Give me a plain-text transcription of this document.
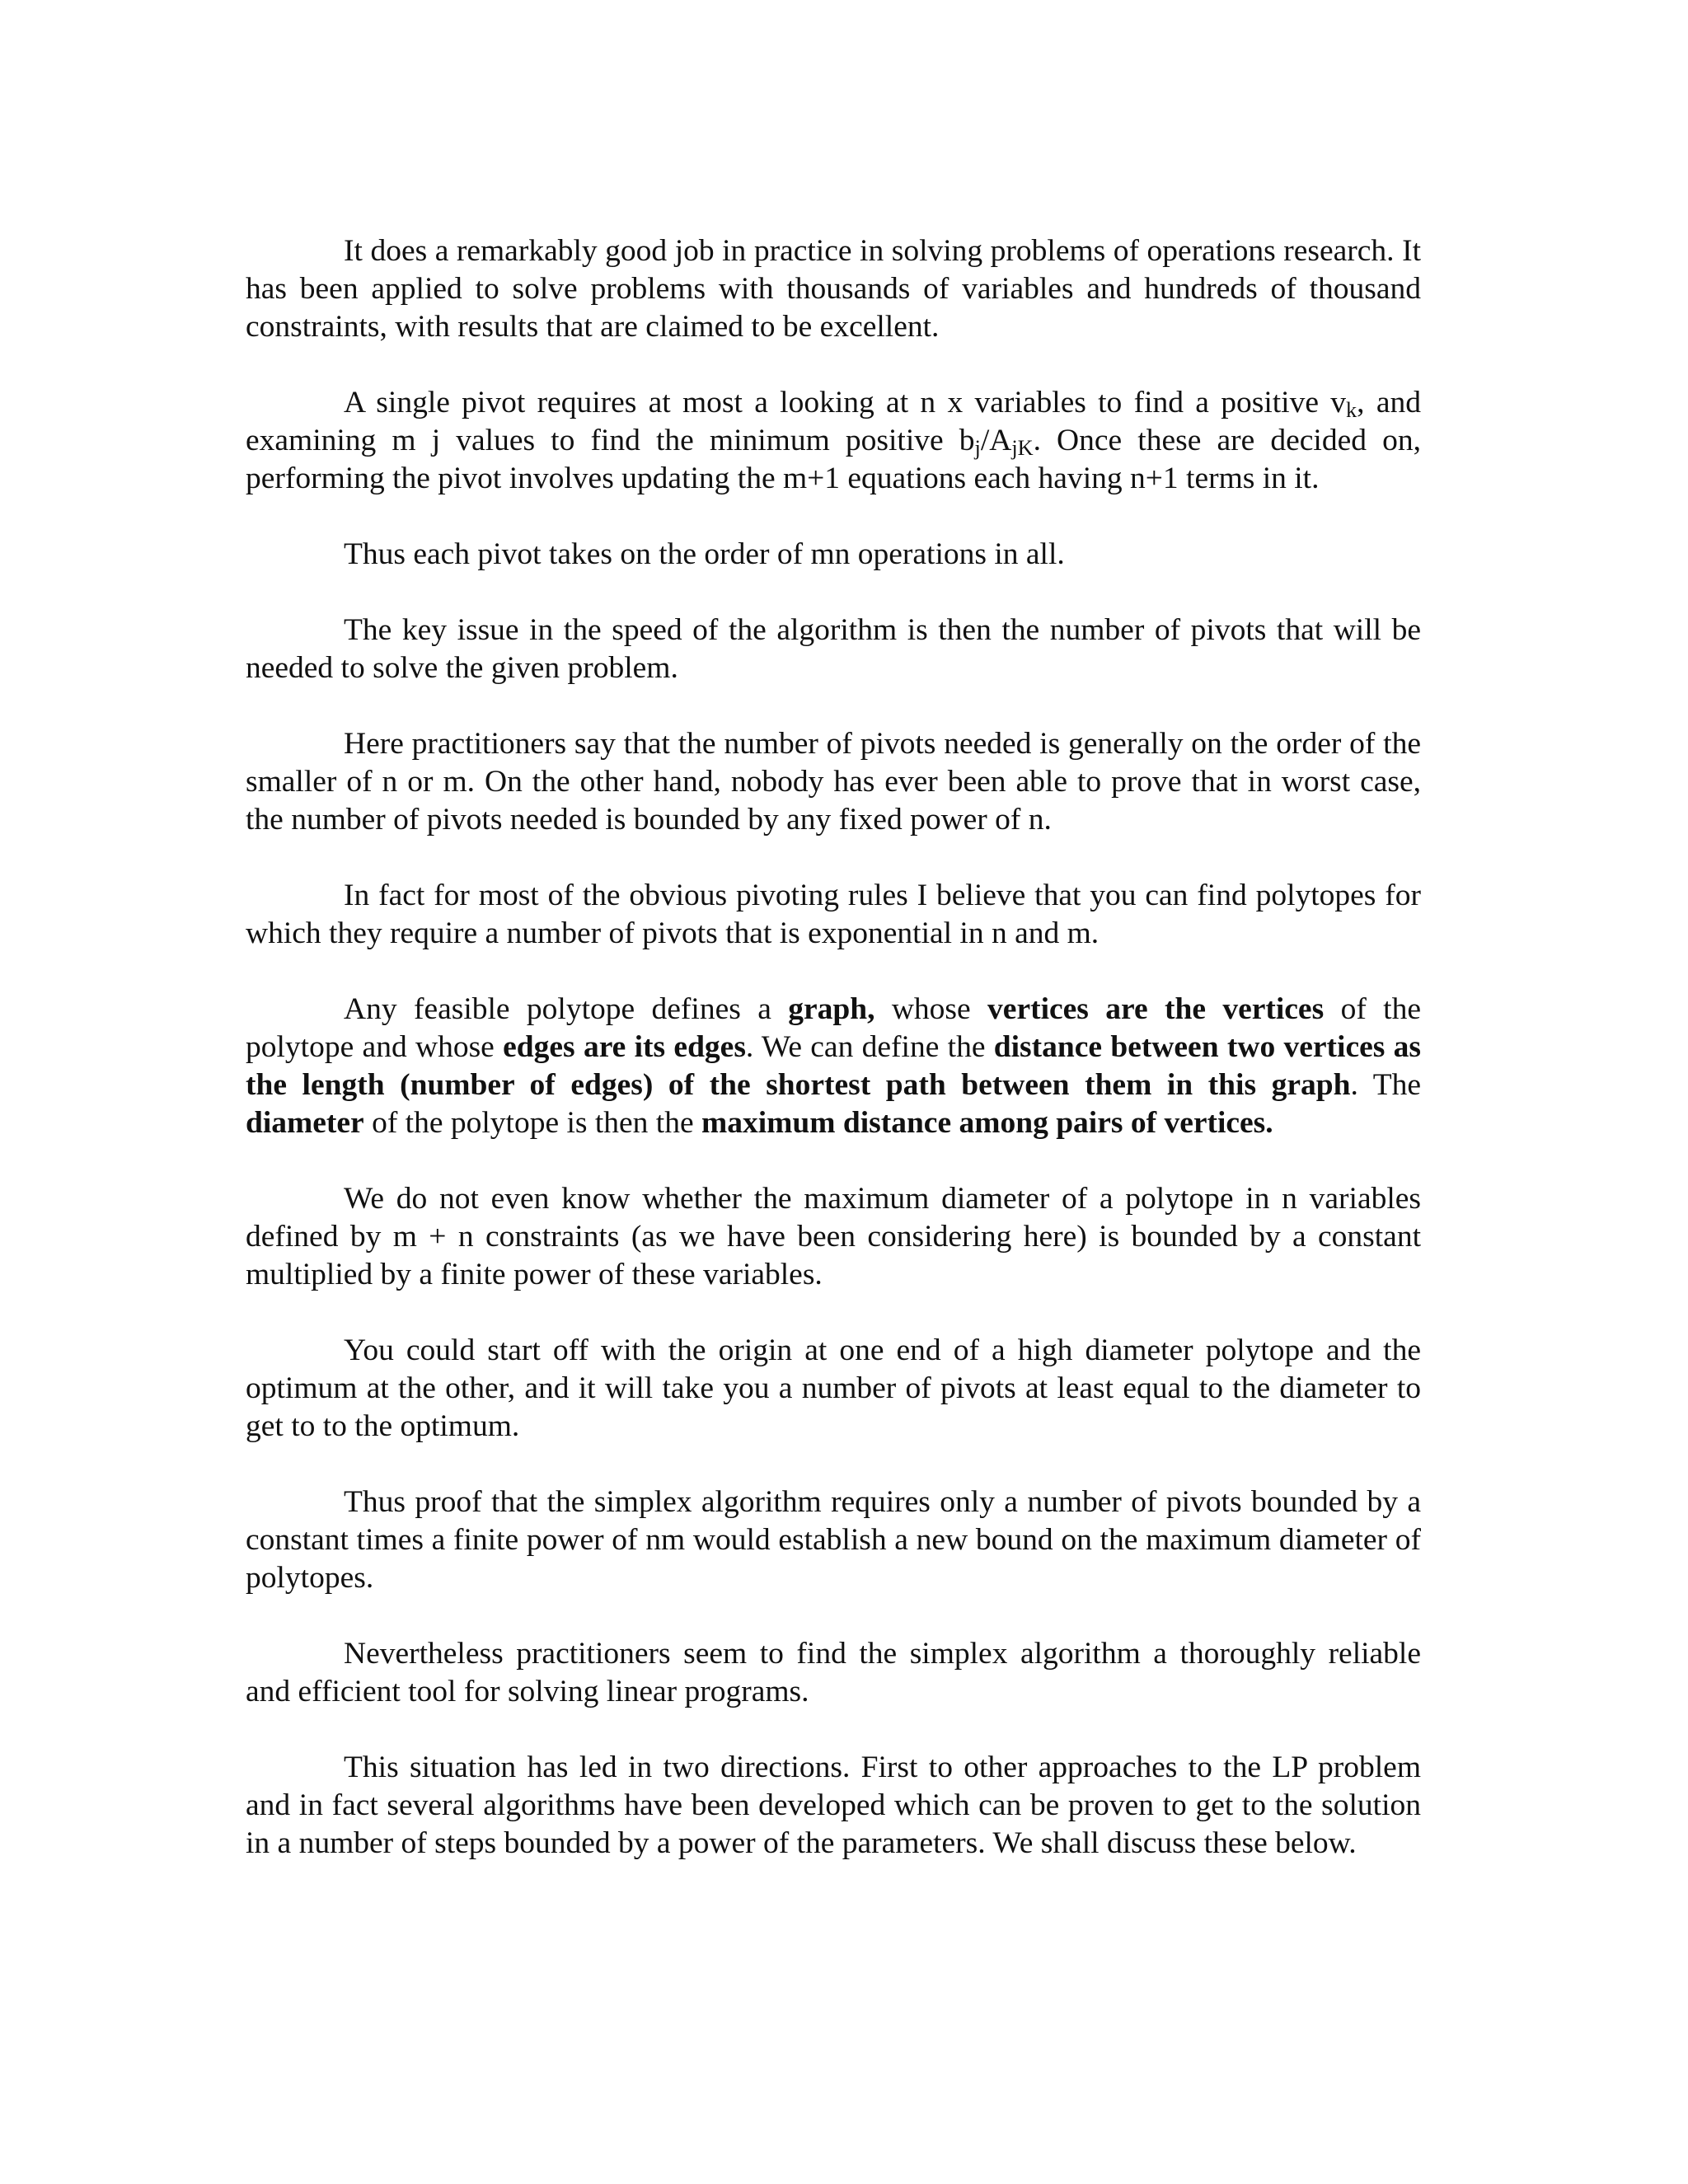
It does a remarkably good job in practice in solving problems of operations research. It has been applied to solve problems with thousands of variables and hundreds of thousand constraints, with results that are claimed to be excellent.

A single pivot requires at most a looking at n x variables to find a positive $v_k$, and examining m j values to find the minimum positive $b_j/A_{jK}$. Once these are decided on, performing the pivot involves updating the m+1 equations each having n+1 terms in it.

Thus each pivot takes on the order of mn operations in all.

The key issue in the speed of the algorithm is then the number of pivots that will be needed to solve the given problem.

Here practitioners say that the number of pivots needed is generally on the order of the smaller of n or m. On the other hand, nobody has ever been able to prove that in worst case, the number of pivots needed is bounded by any fixed power of n.

In fact for most of the obvious pivoting rules I believe that you can find polytopes for which they require a number of pivots that is exponential in n and m.

Any feasible polytope defines a graph, whose vertices are the vertices of the polytope and whose edges are its edges. We can define the distance between two vertices as the length (number of edges) of the shortest path between them in this graph. The diameter of the polytope is then the maximum distance among pairs of vertices.

We do not even know whether the maximum diameter of a polytope in n variables defined by m + n constraints (as we have been considering here) is bounded by a constant multiplied by a finite power of these variables.

You could start off with the origin at one end of a high diameter polytope and the optimum at the other, and it will take you a number of pivots at least equal to the diameter to get to to the optimum.

Thus proof that the simplex algorithm requires only a number of pivots bounded by a constant times a finite power of nm would establish a new bound on the maximum diameter of polytopes.

Nevertheless practitioners seem to find the simplex algorithm a thoroughly reliable and efficient tool for solving linear programs.

This situation has led in two directions. First to other approaches to the LP problem and in fact several algorithms have been developed which can be proven to get to the solution in a number of steps bounded by a power of the parameters. We shall discuss these below.
